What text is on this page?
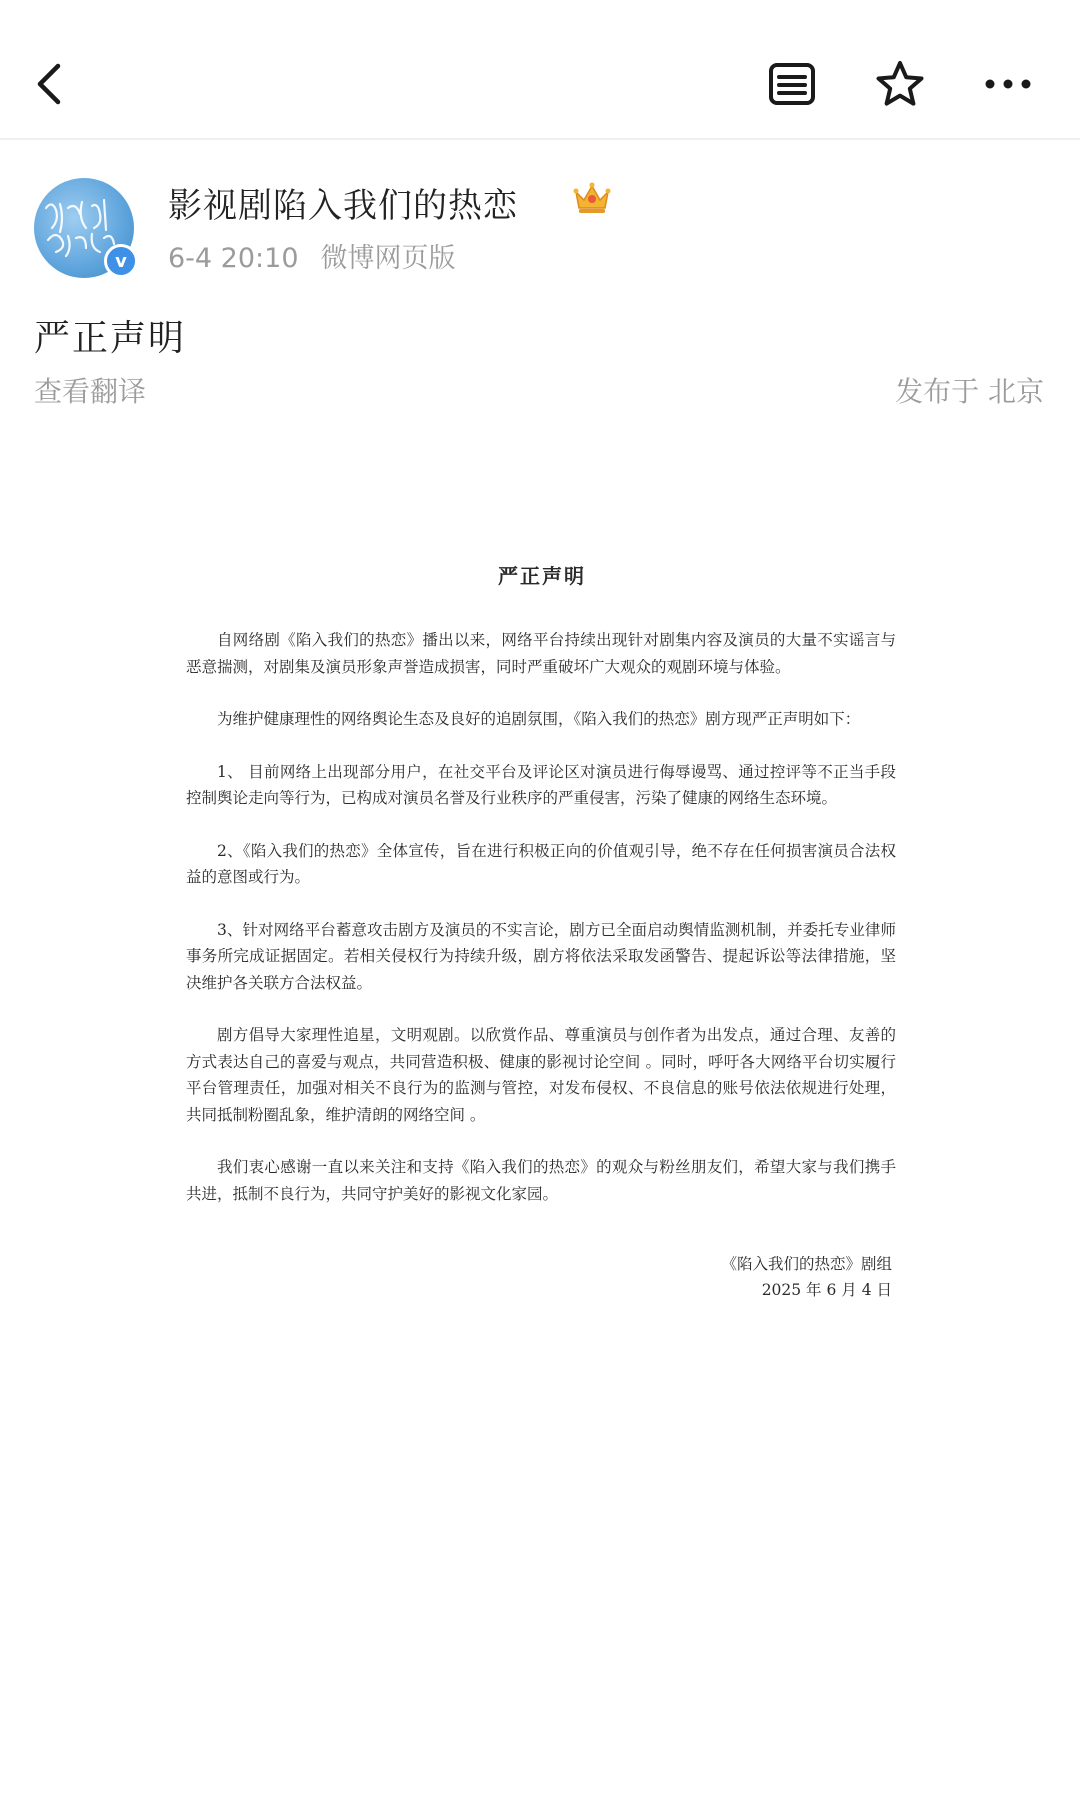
v
影视剧陷入我们的热恋
6-4 20:10 微博网页版
严正声明
查看翻译	发布于 北京
严正声明

自网络剧《陷入我们的热恋》播出以来，网络平台持续出现针对剧集内容及演员的大量不实谣言与恶意揣测，对剧集及演员形象声誉造成损害，同时严重破坏广大观众的观剧环境与体验。

为维护健康理性的网络舆论生态及良好的追剧氛围，《陷入我们的热恋》剧方现严正声明如下：

1、 目前网络上出现部分用户，在社交平台及评论区对演员进行侮辱谩骂、通过控评等不正当手段控制舆论走向等行为，已构成对演员名誉及行业秩序的严重侵害，污染了健康的网络生态环境。

2、《陷入我们的热恋》全体宣传，旨在进行积极正向的价值观引导，绝不存在任何损害演员合法权益的意图或行为。

3、针对网络平台蓄意攻击剧方及演员的不实言论，剧方已全面启动舆情监测机制，并委托专业律师事务所完成证据固定。若相关侵权行为持续升级，剧方将依法采取发函警告、提起诉讼等法律措施，坚决维护各关联方合法权益。

剧方倡导大家理性追星，文明观剧。以欣赏作品、尊重演员与创作者为出发点，通过合理、友善的方式表达自己的喜爱与观点，共同营造积极、健康的影视讨论空间 。同时，呼吁各大网络平台切实履行平台管理责任，加强对相关不良行为的监测与管控，对发布侵权、不良信息的账号依法依规进行处理，共同抵制粉圈乱象，维护清朗的网络空间 。

我们衷心感谢一直以来关注和支持《陷入我们的热恋》的观众与粉丝朋友们，希望大家与我们携手共进，抵制不良行为，共同守护美好的影视文化家园。

《陷入我们的热恋》剧组
2025 年 6 月 4 日
